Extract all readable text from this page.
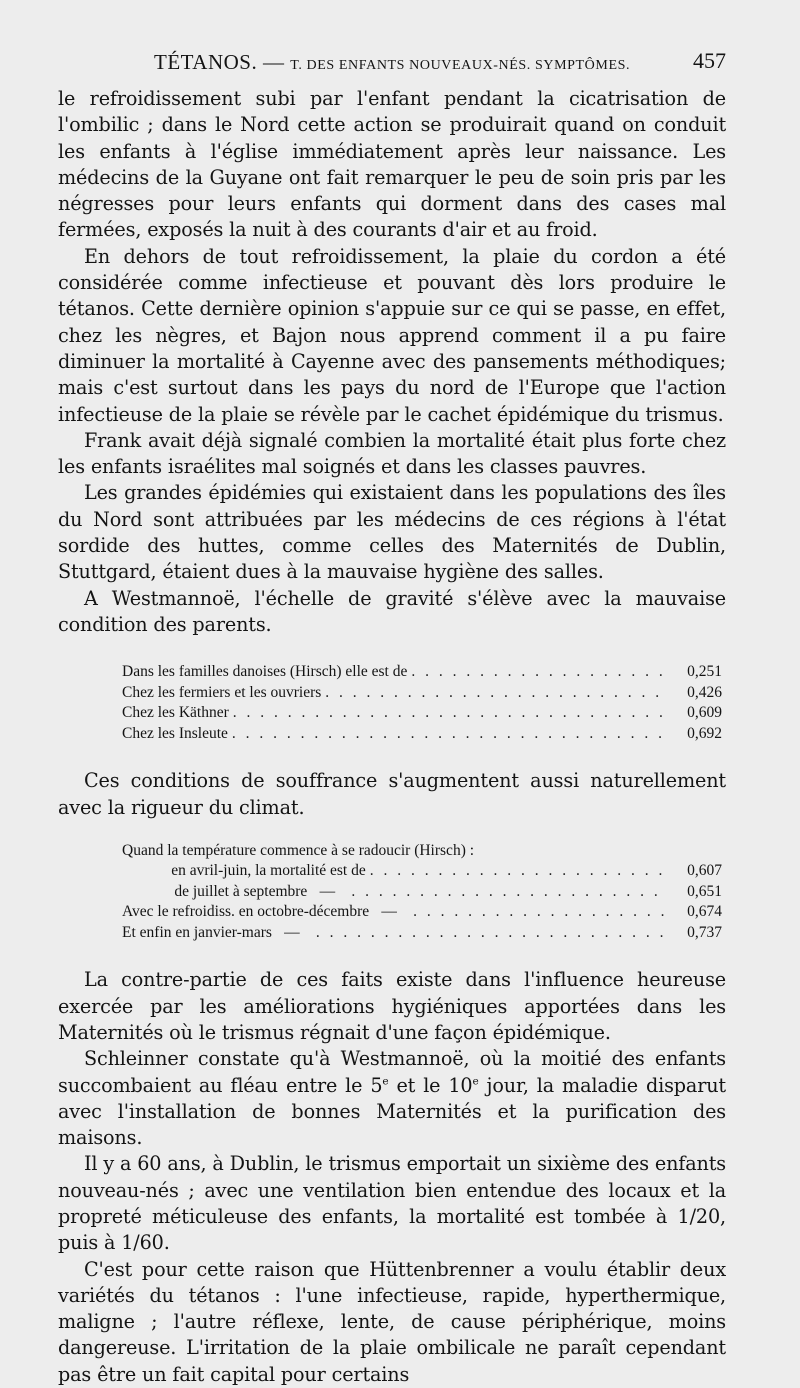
TÉTANOS. — T. DES ENFANTS NOUVEAUX-NÉS. SYMPTÔMES.	457

le refroidissement subi par l'enfant pendant la cicatrisation de l'ombilic ; dans le Nord cette action se produirait quand on conduit les enfants à l'église immédiatement après leur naissance. Les médecins de la Guyane ont fait remarquer le peu de soin pris par les négresses pour leurs enfants qui dorment dans des cases mal fermées, exposés la nuit à des courants d'air et au froid.

En dehors de tout refroidissement, la plaie du cordon a été considérée comme infectieuse et pouvant dès lors produire le tétanos. Cette dernière opinion s'appuie sur ce qui se passe, en effet, chez les nègres, et Bajon nous apprend comment il a pu faire diminuer la mortalité à Cayenne avec des pansements méthodiques; mais c'est surtout dans les pays du nord de l'Europe que l'action infectieuse de la plaie se révèle par le cachet épidémique du trismus.

Frank avait déjà signalé combien la mortalité était plus forte chez les enfants israélites mal soignés et dans les classes pauvres.

Les grandes épidémies qui existaient dans les populations des îles du Nord sont attribuées par les médecins de ces régions à l'état sordide des huttes, comme celles des Maternités de Dublin, Stuttgard, étaient dues à la mauvaise hygiène des salles.

A Westmannoë, l'échelle de gravité s'élève avec la mauvaise condition des parents.

Dans les familles danoises (Hirsch) elle est de . . .	0,251
Chez les fermiers et les ouvriers . . .	0,426
Chez les Käthner . . .	0,609
Chez les Insleute . . .	0,692

Ces conditions de souffrance s'augmentent aussi naturellement avec la rigueur du climat.

Quand la température commence à se radoucir (Hirsch) :
en avril-juin, la mortalité est de . . .	0,607
de juillet à septembre — . . .	0,651
Avec le refroidiss. en octobre-décembre — . . .	0,674
Et enfin en janvier-mars — . . .	0,737

La contre-partie de ces faits existe dans l'influence heureuse exercée par les améliorations hygiéniques apportées dans les Maternités où le trismus régnait d'une façon épidémique.

Schleinner constate qu'à Westmannoë, où la moitié des enfants succombaient au fléau entre le 5e et le 10e jour, la maladie disparut avec l'installation de bonnes Maternités et la purification des maisons.

Il y a 60 ans, à Dublin, le trismus emportait un sixième des enfants nouveau-nés ; avec une ventilation bien entendue des locaux et la propreté méticuleuse des enfants, la mortalité est tombée à 1/20, puis à 1/60.

C'est pour cette raison que Hüttenbrenner a voulu établir deux variétés du tétanos : l'une infectieuse, rapide, hyperthermique, maligne ; l'autre réflexe, lente, de cause périphérique, moins dangereuse. L'irritation de la plaie ombilicale ne paraît cependant pas être un fait capital pour certains
